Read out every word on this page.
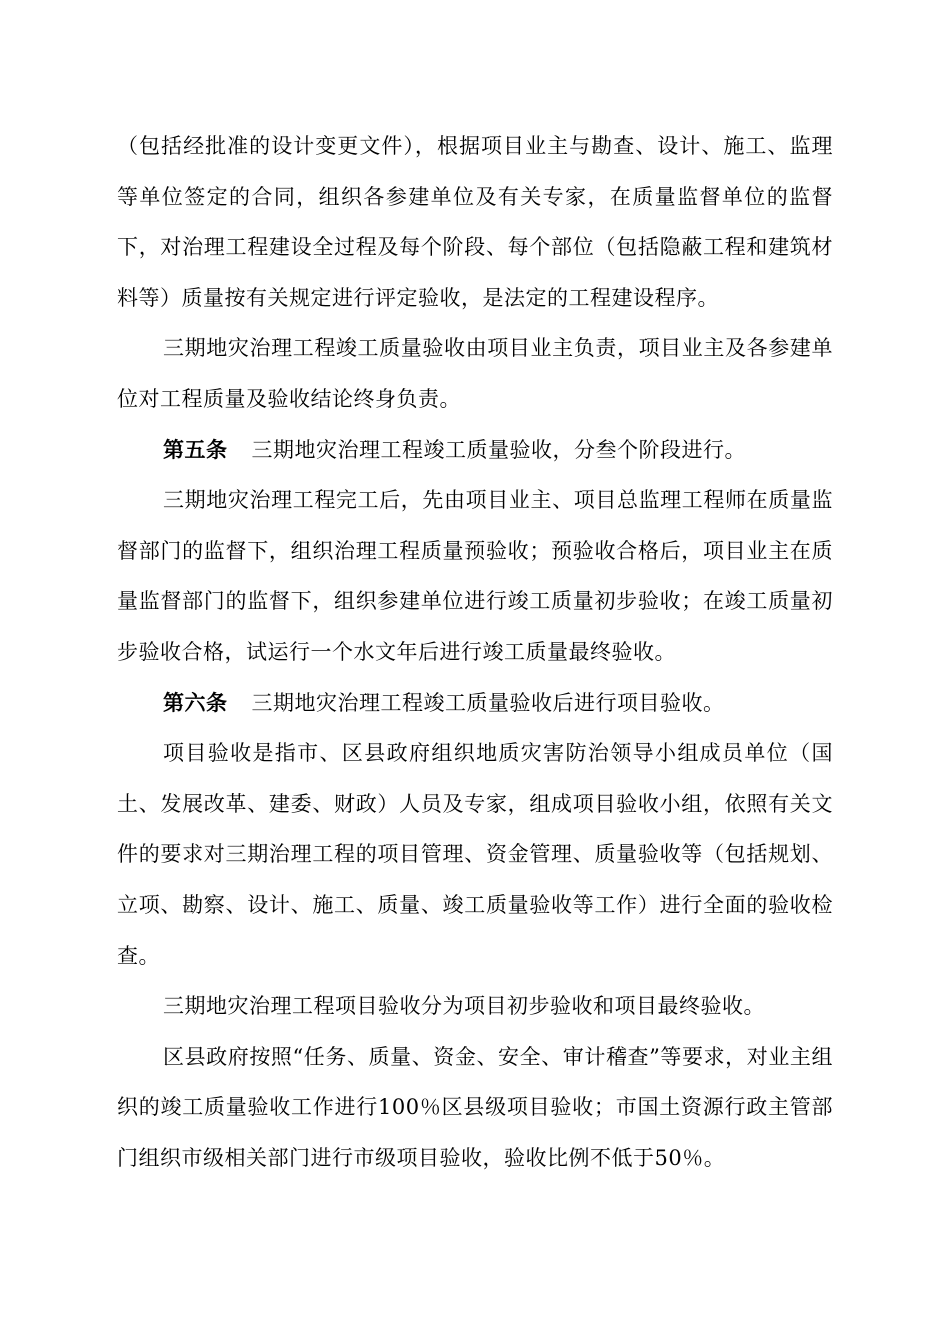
（包括经批准的设计变更文件），根据项目业主与勘查、设计、施工、监理等单位签定的合同，组织各参建单位及有关专家，在质量监督单位的监督下，对治理工程建设全过程及每个阶段、每个部位（包括隐蔽工程和建筑材料等）质量按有关规定进行评定验收，是法定的工程建设程序。

三期地灾治理工程竣工质量验收由项目业主负责，项目业主及各参建单位对工程质量及验收结论终身负责。

第五条 三期地灾治理工程竣工质量验收，分叁个阶段进行。

三期地灾治理工程完工后，先由项目业主、项目总监理工程师在质量监督部门的监督下，组织治理工程质量预验收；预验收合格后，项目业主在质量监督部门的监督下，组织参建单位进行竣工质量初步验收；在竣工质量初步验收合格，试运行一个水文年后进行竣工质量最终验收。

第六条 三期地灾治理工程竣工质量验收后进行项目验收。

项目验收是指市、区县政府组织地质灾害防治领导小组成员单位（国土、发展改革、建委、财政）人员及专家，组成项目验收小组，依照有关文件的要求对三期治理工程的项目管理、资金管理、质量验收等（包括规划、立项、勘察、设计、施工、质量、竣工质量验收等工作）进行全面的验收检查。

三期地灾治理工程项目验收分为项目初步验收和项目最终验收。

区县政府按照“任务、质量、资金、安全、审计稽查”等要求，对业主组织的竣工质量验收工作进行100％区县级项目验收；市国土资源行政主管部门组织市级相关部门进行市级项目验收，验收比例不低于50％。
